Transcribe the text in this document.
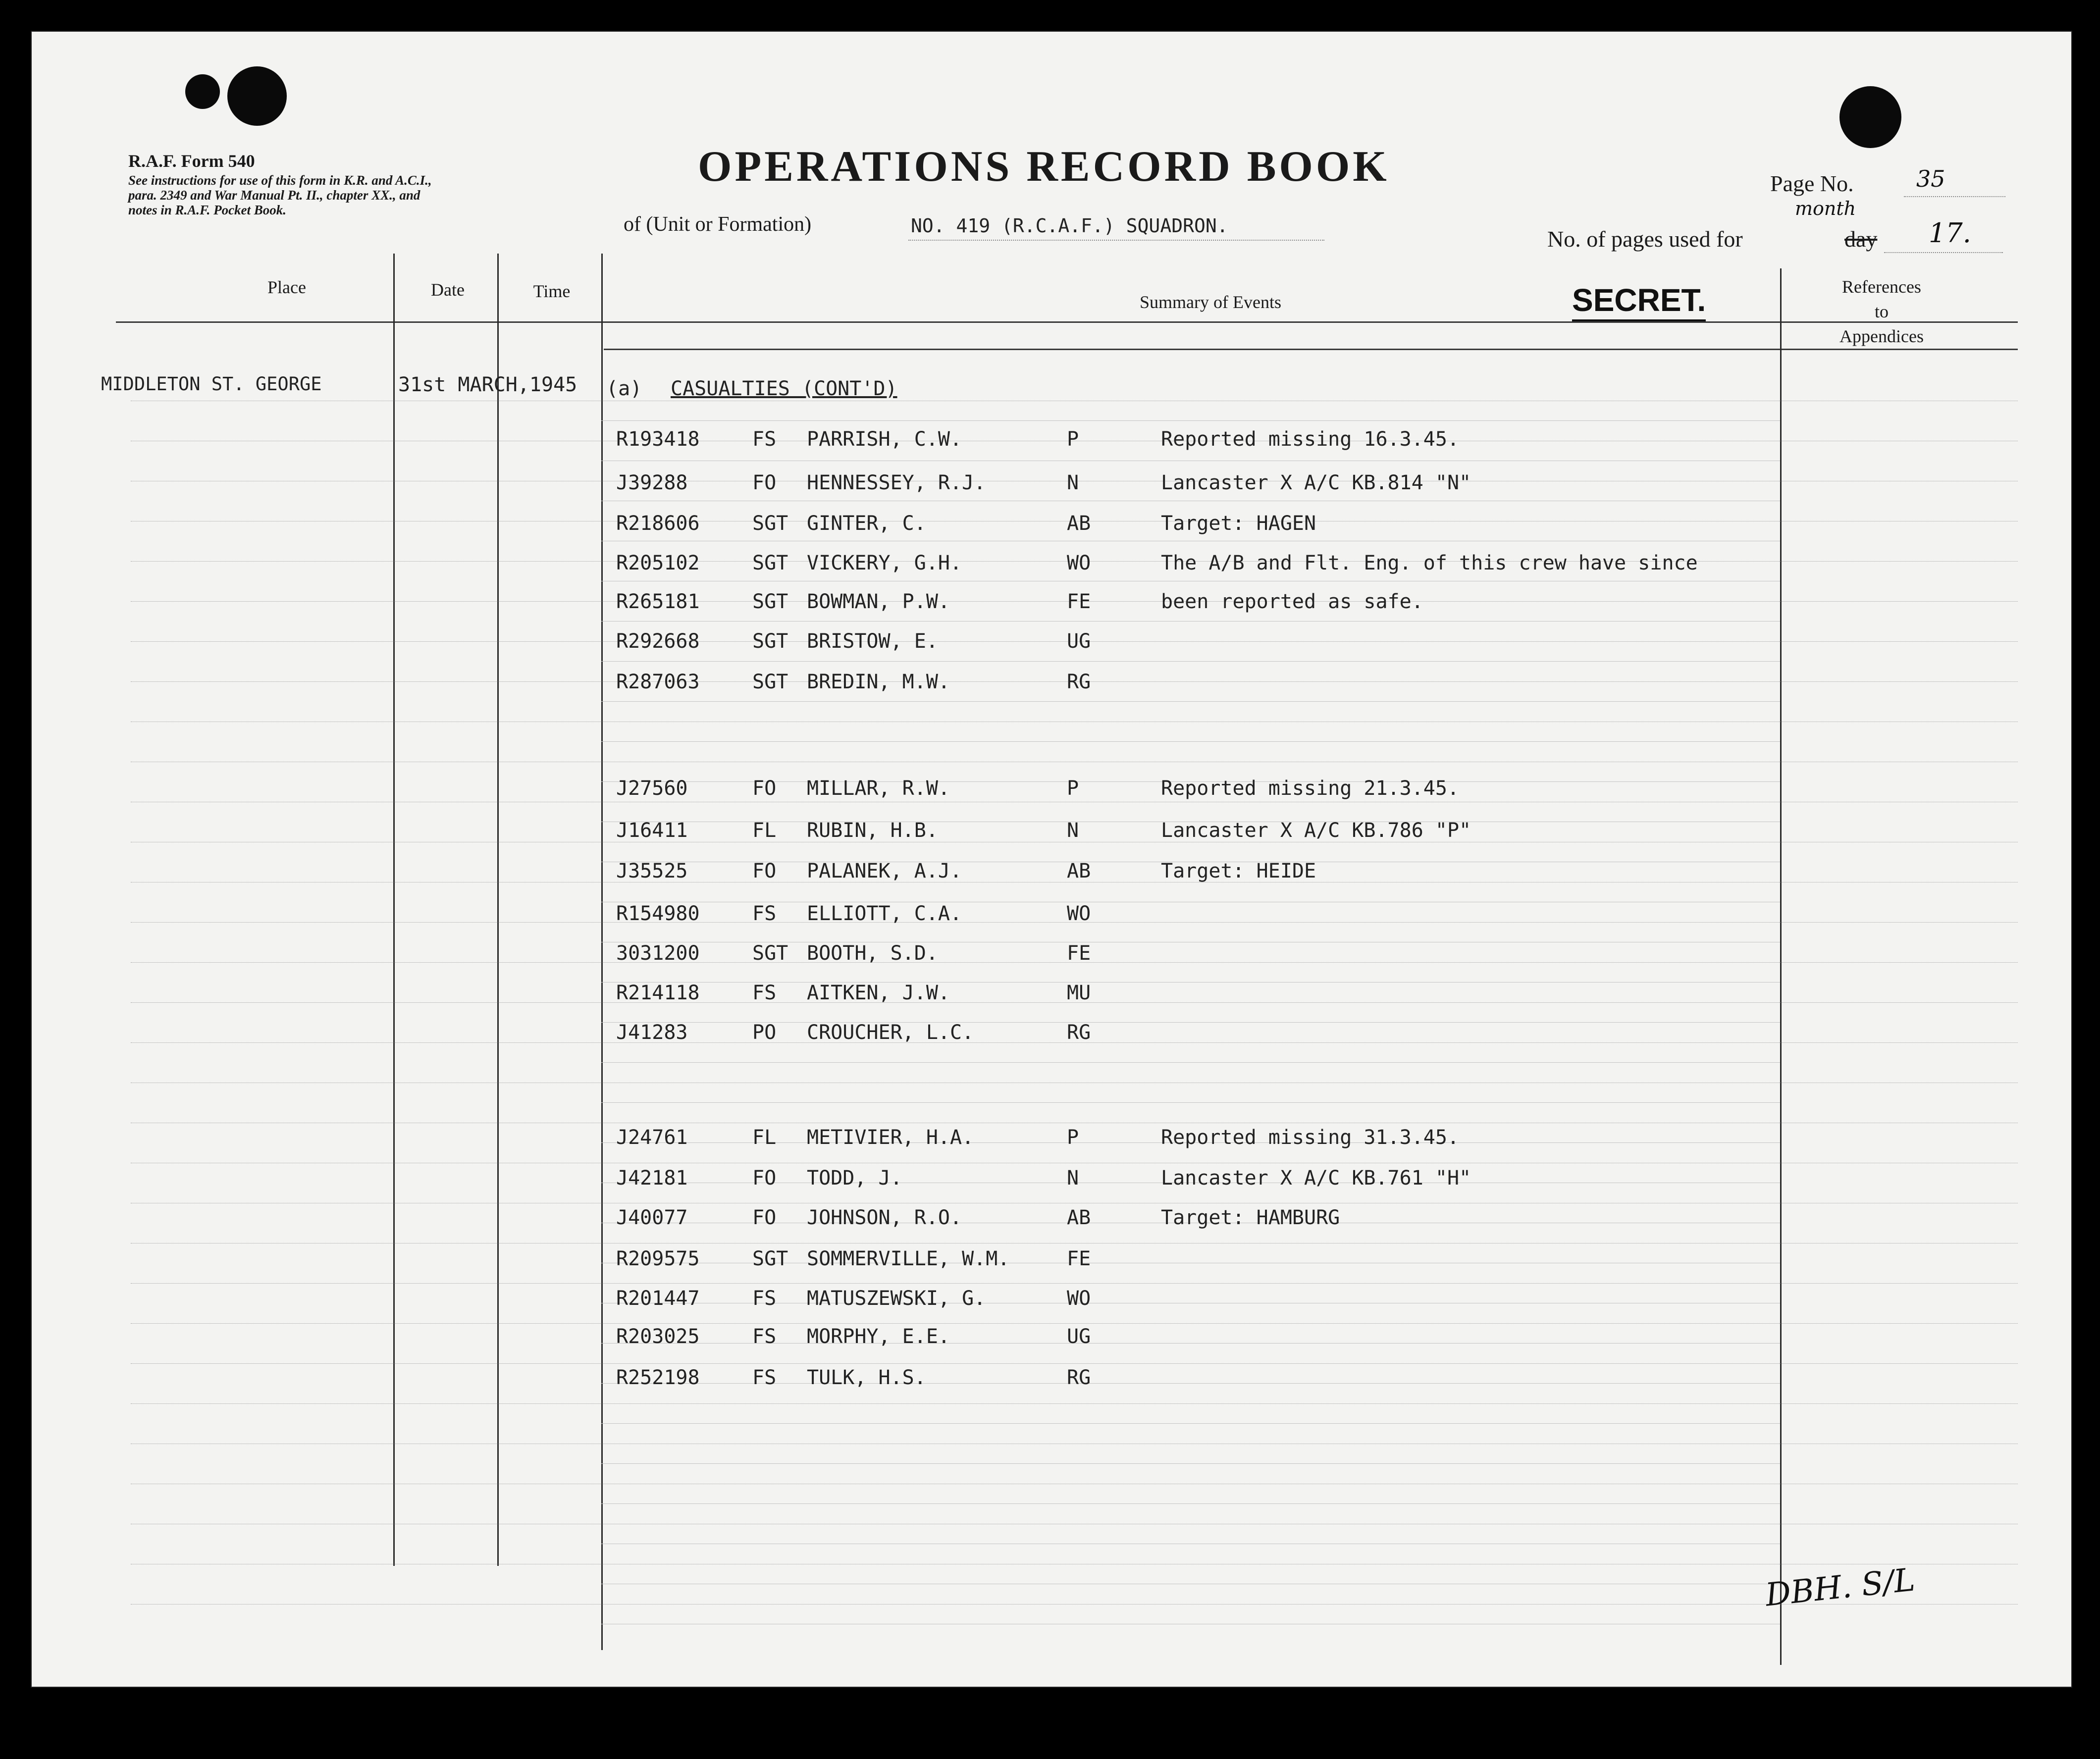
R.A.F. Form 540
See instructions for use of this form in K.R. and A.C.I.,
para. 2349 and War Manual Pt. II., chapter XX., and
notes in R.A.F. Pocket Book.
OPERATIONS RECORD BOOK
of (Unit or Formation)	NO. 419 (R.C.A.F.) SQUADRON.
Page No.	35
No. of pages used for	day
month
17.
Place	Date	Time
Summary of Events	SECRET.	References
to
Appendices
MIDDLETON ST. GEORGE	31st MARCH,1945 (a) CASUALTIES (CONT'D)
R193418	FS PARRISH, C.W.	P	Reported missing 16.3.45.
J39288	FO HENNESSEY, R.J.	N	Lancaster X A/C KB.814 "N"
R218606	SGT GINTER, C.	AB	Target: HAGEN
R205102	SGT VICKERY, G.H.	WO	The A/B and Flt. Eng. of this crew have since
R265181	SGT BOWMAN, P.W.	FE	been reported as safe.
R292668	SGT BRISTOW, E.	UG
R287063	SGT BREDIN, M.W.	RG
J27560	FO MILLAR, R.W.	P	Reported missing 21.3.45.
J16411	FL RUBIN, H.B.	N	Lancaster X A/C KB.786 "P"
J35525	FO PALANEK, A.J.	AB	Target: HEIDE
R154980	FS ELLIOTT, C.A.	WO
3031200	SGT BOOTH, S.D.	FE
R214118	FS AITKEN, J.W.	MU
J41283	PO CROUCHER, L.C.	RG
J24761	FL METIVIER, H.A.	P	Reported missing 31.3.45.
J42181	FO TODD, J.	N	Lancaster X A/C KB.761 "H"
J40077	FO JOHNSON, R.O.	AB	Target: HAMBURG
R209575	SGT SOMMERVILLE, W.M.	FE
R201447	FS MATUSZEWSKI, G.	WO
R203025	FS MORPHY, E.E.	UG
R252198	FS TULK, H.S.	RG
DBH. S/L
